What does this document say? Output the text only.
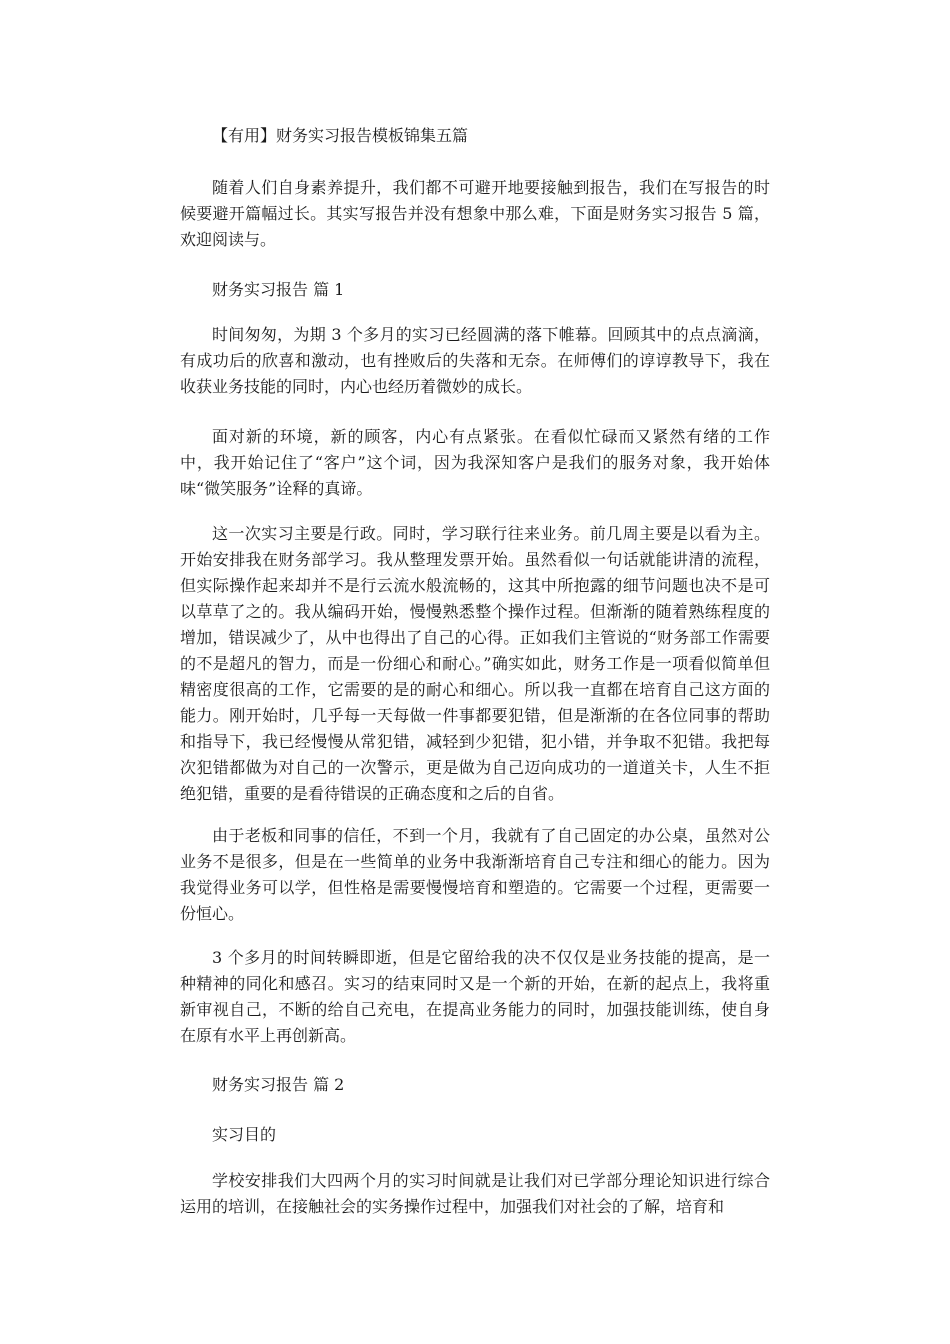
【有用】财务实习报告模板锦集五篇

随着人们自身素养提升，我们都不可避开地要接触到报告，我们在写报告的时候要避开篇幅过长。其实写报告并没有想象中那么难，下面是财务实习报告 5 篇，欢迎阅读与。

财务实习报告 篇 1

时间匆匆，为期 3 个多月的实习已经圆满的落下帷幕。回顾其中的点点滴滴，有成功后的欣喜和激动，也有挫败后的失落和无奈。在师傅们的谆谆教导下，我在收获业务技能的同时，内心也经历着微妙的成长。

面对新的环境，新的顾客，内心有点紧张。在看似忙碌而又紧然有绪的工作中，我开始记住了“客户”这个词，因为我深知客户是我们的服务对象，我开始体味“微笑服务”诠释的真谛。

这一次实习主要是行政。同时，学习联行往来业务。前几周主要是以看为主。开始安排我在财务部学习。我从整理发票开始。虽然看似一句话就能讲清的流程，但实际操作起来却并不是行云流水般流畅的，这其中所抱露的细节问题也决不是可以草草了之的。我从编码开始，慢慢熟悉整个操作过程。但渐渐的随着熟练程度的增加，错误减少了，从中也得出了自己的心得。正如我们主管说的“财务部工作需要的不是超凡的智力，而是一份细心和耐心。”确实如此，财务工作是一项看似简单但精密度很高的工作，它需要的是的耐心和细心。所以我一直都在培育自己这方面的能力。刚开始时，几乎每一天每做一件事都要犯错，但是渐渐的在各位同事的帮助和指导下，我已经慢慢从常犯错，减轻到少犯错，犯小错，并争取不犯错。我把每次犯错都做为对自己的一次警示，更是做为自己迈向成功的一道道关卡，人生不拒绝犯错，重要的是看待错误的正确态度和之后的自省。

由于老板和同事的信任，不到一个月，我就有了自己固定的办公桌，虽然对公业务不是很多，但是在一些简单的业务中我渐渐培育自己专注和细心的能力。因为我觉得业务可以学，但性格是需要慢慢培育和塑造的。它需要一个过程，更需要一份恒心。

3 个多月的时间转瞬即逝，但是它留给我的决不仅仅是业务技能的提高，是一种精神的同化和感召。实习的结束同时又是一个新的开始，在新的起点上，我将重新审视自己，不断的给自己充电，在提高业务能力的同时，加强技能训练，使自身在原有水平上再创新高。

财务实习报告 篇 2
实习目的

学校安排我们大四两个月的实习时间就是让我们对已学部分理论知识进行综合运用的培训，在接触社会的实务操作过程中，加强我们对社会的了解，培育和
